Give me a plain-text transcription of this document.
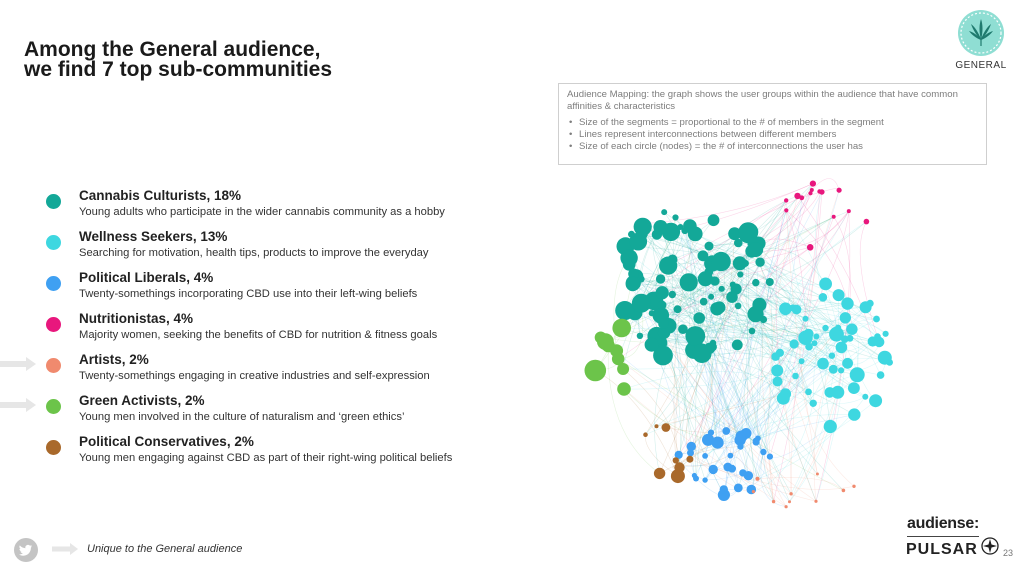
Among the General audience,
we find 7 top sub-communities	GENERAL
Audience Mapping: the graph shows the user groups within the audience that have common affinities & characteristics
• Size of the segments = proportional to the # of members in the segment
• Lines represent interconnections between different members
• Size of each circle (nodes) = the # of interconnections the user has
Cannabis Culturists, 18%
Young adults who participate in the wider cannabis community as a hobby
Wellness Seekers, 13%
Searching for motivation, health tips, products to improve the everyday
Political Liberals, 4%
Twenty-somethings incorporating CBD use into their left-wing beliefs
Nutritionistas, 4%
Majority women, seeking the benefits of CBD for nutrition & fitness goals
Artists, 2%
Twenty-somethings engaging in creative industries and self-expression
Green Activists, 2%
Young men involved in the culture of naturalism and ‘green ethics’
Political Conservatives, 2%
Young men engaging against CBD as part of their right-wing political beliefs
Unique to the General audience
audiense:
PULSAR	23
